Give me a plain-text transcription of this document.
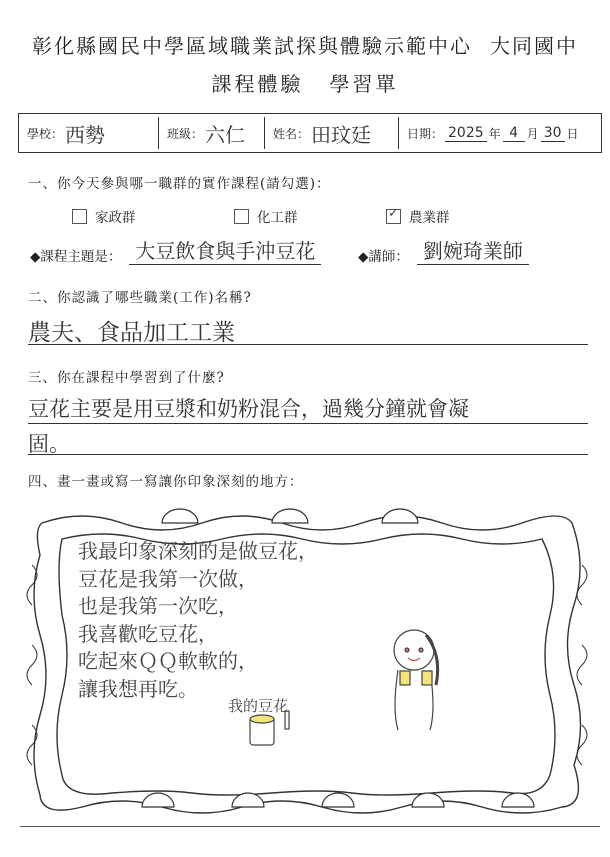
彰化縣國民中學區域職業試探與體驗示範中心 大同國中
課程體驗 學習單
學校： 西勢	班級： 六仁 姓名： 田玟廷	日期： 2025 年 4 月 30 日
一、你今天參與哪一職群的實作課程(請勾選)：
家政群	化工群
✓	農業群
◆課程主題是： 大豆飲食與手沖豆花	◆講師： 劉婉琦業師
二、你認識了哪些職業(工作)名稱?
農夫、食品加工工業
三、你在課程中學習到了什麼?
豆花主要是用豆漿和奶粉混合，過幾分鐘就會凝
固。
四、畫一畫或寫一寫讓你印象深刻的地方：
我最印象深刻的是做豆花，
豆花是我第一次做，
也是我第一次吃，
我喜歡吃豆花，
吃起來ＱＱ軟軟的，
讓我想再吃。
我的豆花
